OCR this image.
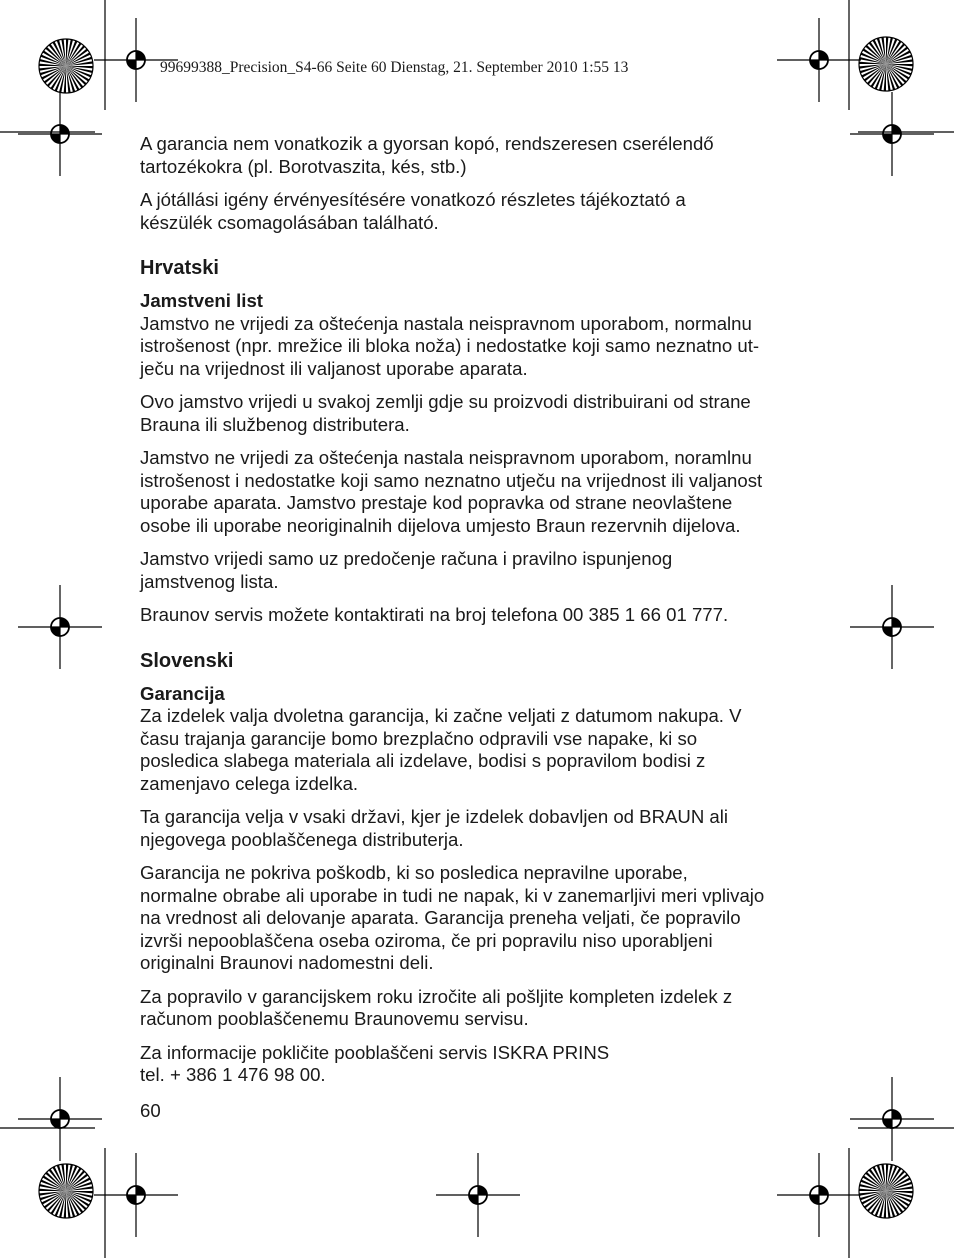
99699388_Precision_S4-66 Seite 60 Dienstag, 21. September 2010 1:55 13

A garancia nem vonatkozik a gyorsan kopó, rendszeresen cserélendő
tartozékokra (pl. Borotvaszita, kés, stb.)

A jótállási igény érvényesítésére vonatkozó részletes tájékoztató a
készülék csomagolásában található.

Hrvatski
Jamstveni list

Jamstvo ne vrijedi za oštećenja nastala neispravnom uporabom, normalnu
istrošenost (npr. mrežice ili bloka noža) i nedostatke koji samo neznatno ut-
ječu na vrijednost ili valjanost uporabe aparata.

Ovo jamstvo vrijedi u svakoj zemlji gdje su proizvodi distribuirani od strane
Brauna ili službenog distributera.

Jamstvo ne vrijedi za oštećenja nastala neispravnom uporabom, noramlnu
istrošenost i nedostatke koji samo neznatno utječu na vrijednost ili valjanost
uporabe aparata. Jamstvo prestaje kod popravka od strane neovlaštene
osobe ili uporabe neoriginalnih dijelova umjesto Braun rezervnih dijelova.

Jamstvo vrijedi samo uz predočenje računa i pravilno ispunjenog
jamstvenog lista.

Braunov servis možete kontaktirati na broj telefona 00 385 1 66 01 777.

Slovenski
Garancija

Za izdelek valja dvoletna garancija, ki začne veljati z datumom nakupa. V
času trajanja garancije bomo brezplačno odpravili vse napake, ki so
posledica slabega materiala ali izdelave, bodisi s popravilom bodisi z
zamenjavo celega izdelka.

Ta garancija velja v vsaki državi, kjer je izdelek dobavljen od BRAUN ali
njegovega pooblaščenega distributerja.

Garancija ne pokriva poškodb, ki so posledica nepravilne uporabe,
normalne obrabe ali uporabe in tudi ne napak, ki v zanemarljivi meri vplivajo
na vrednost ali delovanje aparata. Garancija preneha veljati, če popravilo
izvrši nepooblaščena oseba oziroma, če pri popravilu niso uporabljeni
originalni Braunovi nadomestni deli.

Za popravilo v garancijskem roku izročite ali pošljite kompleten izdelek z
računom pooblaščenemu Braunovemu servisu.

Za informacije pokličite pooblaščeni servis ISKRA PRINS
tel. + 386 1 476 98 00.

60
